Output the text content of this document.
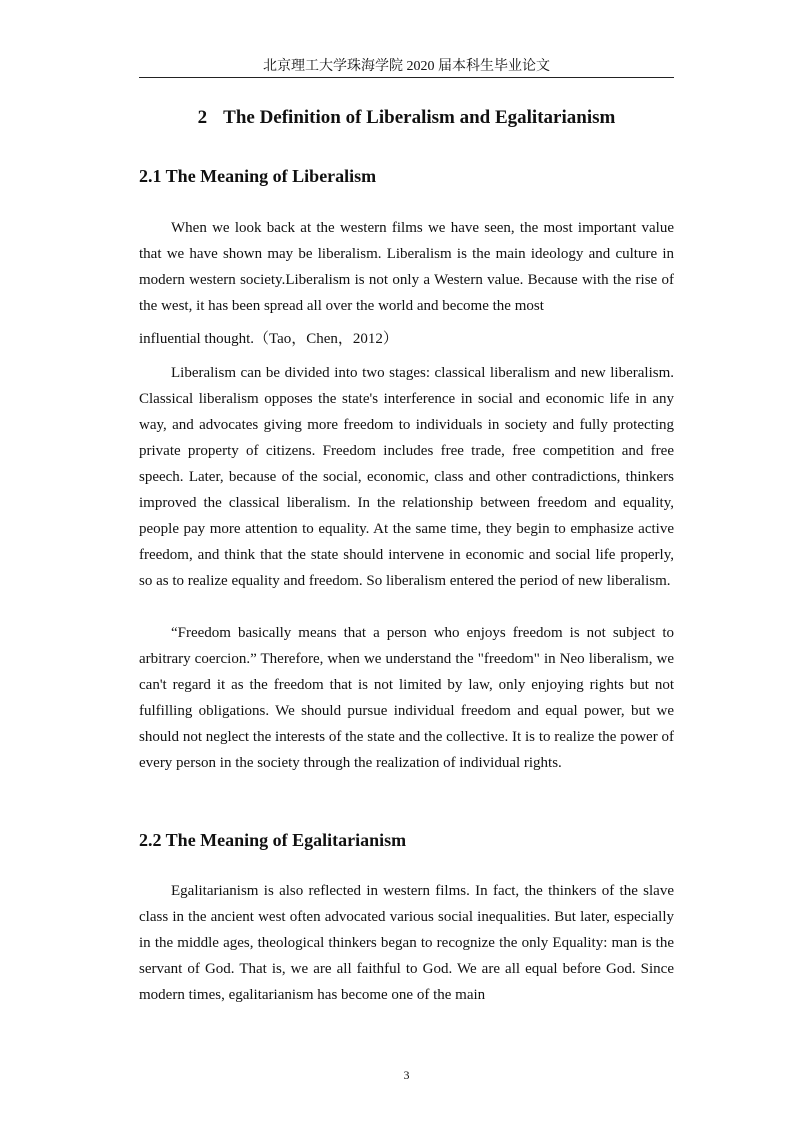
北京理工大学珠海学院 2020 届本科生毕业论文
2 The Definition of Liberalism and Egalitarianism
2.1 The Meaning of Liberalism

When we look back at the western films we have seen, the most important value that we have shown may be liberalism. Liberalism is the main ideology and culture in modern western society.Liberalism is not only a Western value. Because with the rise of the west, it has been spread all over the world and become the most

influential thought.（Tao，Chen，2012）

Liberalism can be divided into two stages: classical liberalism and new liberalism. Classical liberalism opposes the state's interference in social and economic life in any way, and advocates giving more freedom to individuals in society and fully protecting private property of citizens. Freedom includes free trade, free competition and free speech. Later, because of the social, economic, class and other contradictions, thinkers improved the classical liberalism. In the relationship between freedom and equality, people pay more attention to equality. At the same time, they begin to emphasize active freedom, and think that the state should intervene in economic and social life properly, so as to realize equality and freedom. So liberalism entered the period of new liberalism.

“Freedom basically means that a person who enjoys freedom is not subject to arbitrary coercion.” Therefore, when we understand the "freedom" in Neo liberalism, we can't regard it as the freedom that is not limited by law, only enjoying rights but not fulfilling obligations. We should pursue individual freedom and equal power, but we should not neglect the interests of the state and the collective. It is to realize the power of every person in the society through the realization of individual rights.

2.2 The Meaning of Egalitarianism

Egalitarianism is also reflected in western films. In fact, the thinkers of the slave class in the ancient west often advocated various social inequalities. But later, especially in the middle ages, theological thinkers began to recognize the only Equality: man is the servant of God. That is, we are all faithful to God. We are all equal before God. Since modern times, egalitarianism has become one of the main

3
